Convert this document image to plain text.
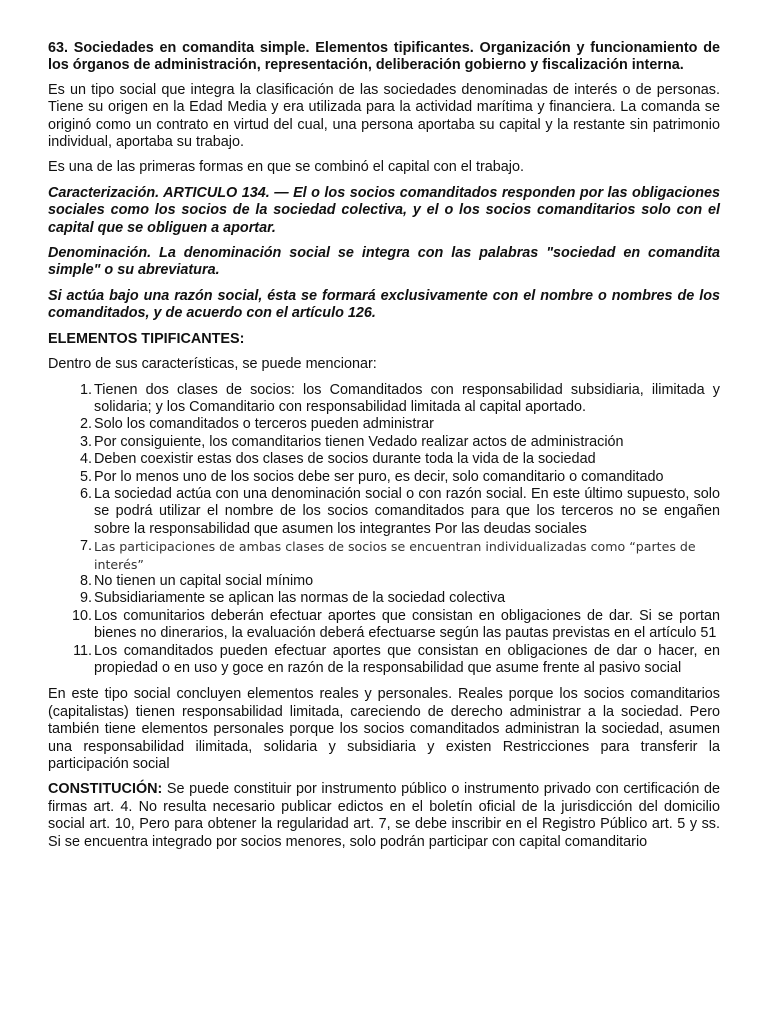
63. Sociedades en comandita simple. Elementos tipificantes. Organización y funcionamiento de los órganos de administración, representación, deliberación gobierno y fiscalización interna.

Es un tipo social que integra la clasificación de las sociedades denominadas de interés o de personas. Tiene su origen en la Edad Media y era utilizada para la actividad marítima y financiera. La comanda se originó como un contrato en virtud del cual, una persona aportaba su capital y la restante sin patrimonio individual, aportaba su trabajo.

Es una de las primeras formas en que se combinó el capital con el trabajo.

Caracterización. ARTICULO 134. — El o los socios comanditados responden por las obligaciones sociales como los socios de la sociedad colectiva, y el o los socios comanditarios solo con el capital que se obliguen a aportar.

Denominación. La denominación social se integra con las palabras "sociedad en comandita simple" o su abreviatura.

Si actúa bajo una razón social, ésta se formará exclusivamente con el nombre o nombres de los comanditados, y de acuerdo con el artículo 126.

ELEMENTOS TIPIFICANTES:

Dentro de sus características, se puede mencionar:

1. Tienen dos clases de socios: los Comanditados con responsabilidad subsidiaria, ilimitada y solidaria; y los Comanditario con responsabilidad limitada al capital aportado.
2. Solo los comanditados o terceros pueden administrar
3. Por consiguiente, los comanditarios tienen Vedado realizar actos de administración
4. Deben coexistir estas dos clases de socios durante toda la vida de la sociedad
5. Por lo menos uno de los socios debe ser puro, es decir, solo comanditario o comanditado
6. La sociedad actúa con una denominación social o con razón social. En este último supuesto, solo se podrá utilizar el nombre de los socios comanditados para que los terceros no se engañen sobre la responsabilidad que asumen los integrantes Por las deudas sociales
7. Las participaciones de ambas clases de socios se encuentran individualizadas como “partes de interés”
8. No tienen un capital social mínimo
9. Subsidiariamente se aplican las normas de la sociedad colectiva
10. Los comunitarios deberán efectuar aportes que consistan en obligaciones de dar. Si se portan bienes no dinerarios, la evaluación deberá efectuarse según las pautas previstas en el artículo 51
11. Los comanditados pueden efectuar aportes que consistan en obligaciones de dar o hacer, en propiedad o en uso y goce en razón de la responsabilidad que asume frente al pasivo social

En este tipo social concluyen elementos reales y personales. Reales porque los socios comanditarios (capitalistas) tienen responsabilidad limitada, careciendo de derecho administrar a la sociedad. Pero también tiene elementos personales porque los socios comanditados administran la sociedad, asumen una responsabilidad ilimitada, solidaria y subsidiaria y existen Restricciones para transferir la participación social

CONSTITUCIÓN: Se puede constituir por instrumento público o instrumento privado con certificación de firmas art. 4. No resulta necesario publicar edictos en el boletín oficial de la jurisdicción del domicilio social art. 10, Pero para obtener la regularidad art. 7, se debe inscribir en el Registro Público art. 5 y ss. Si se encuentra integrado por socios menores, solo podrán participar con capital comanditario
